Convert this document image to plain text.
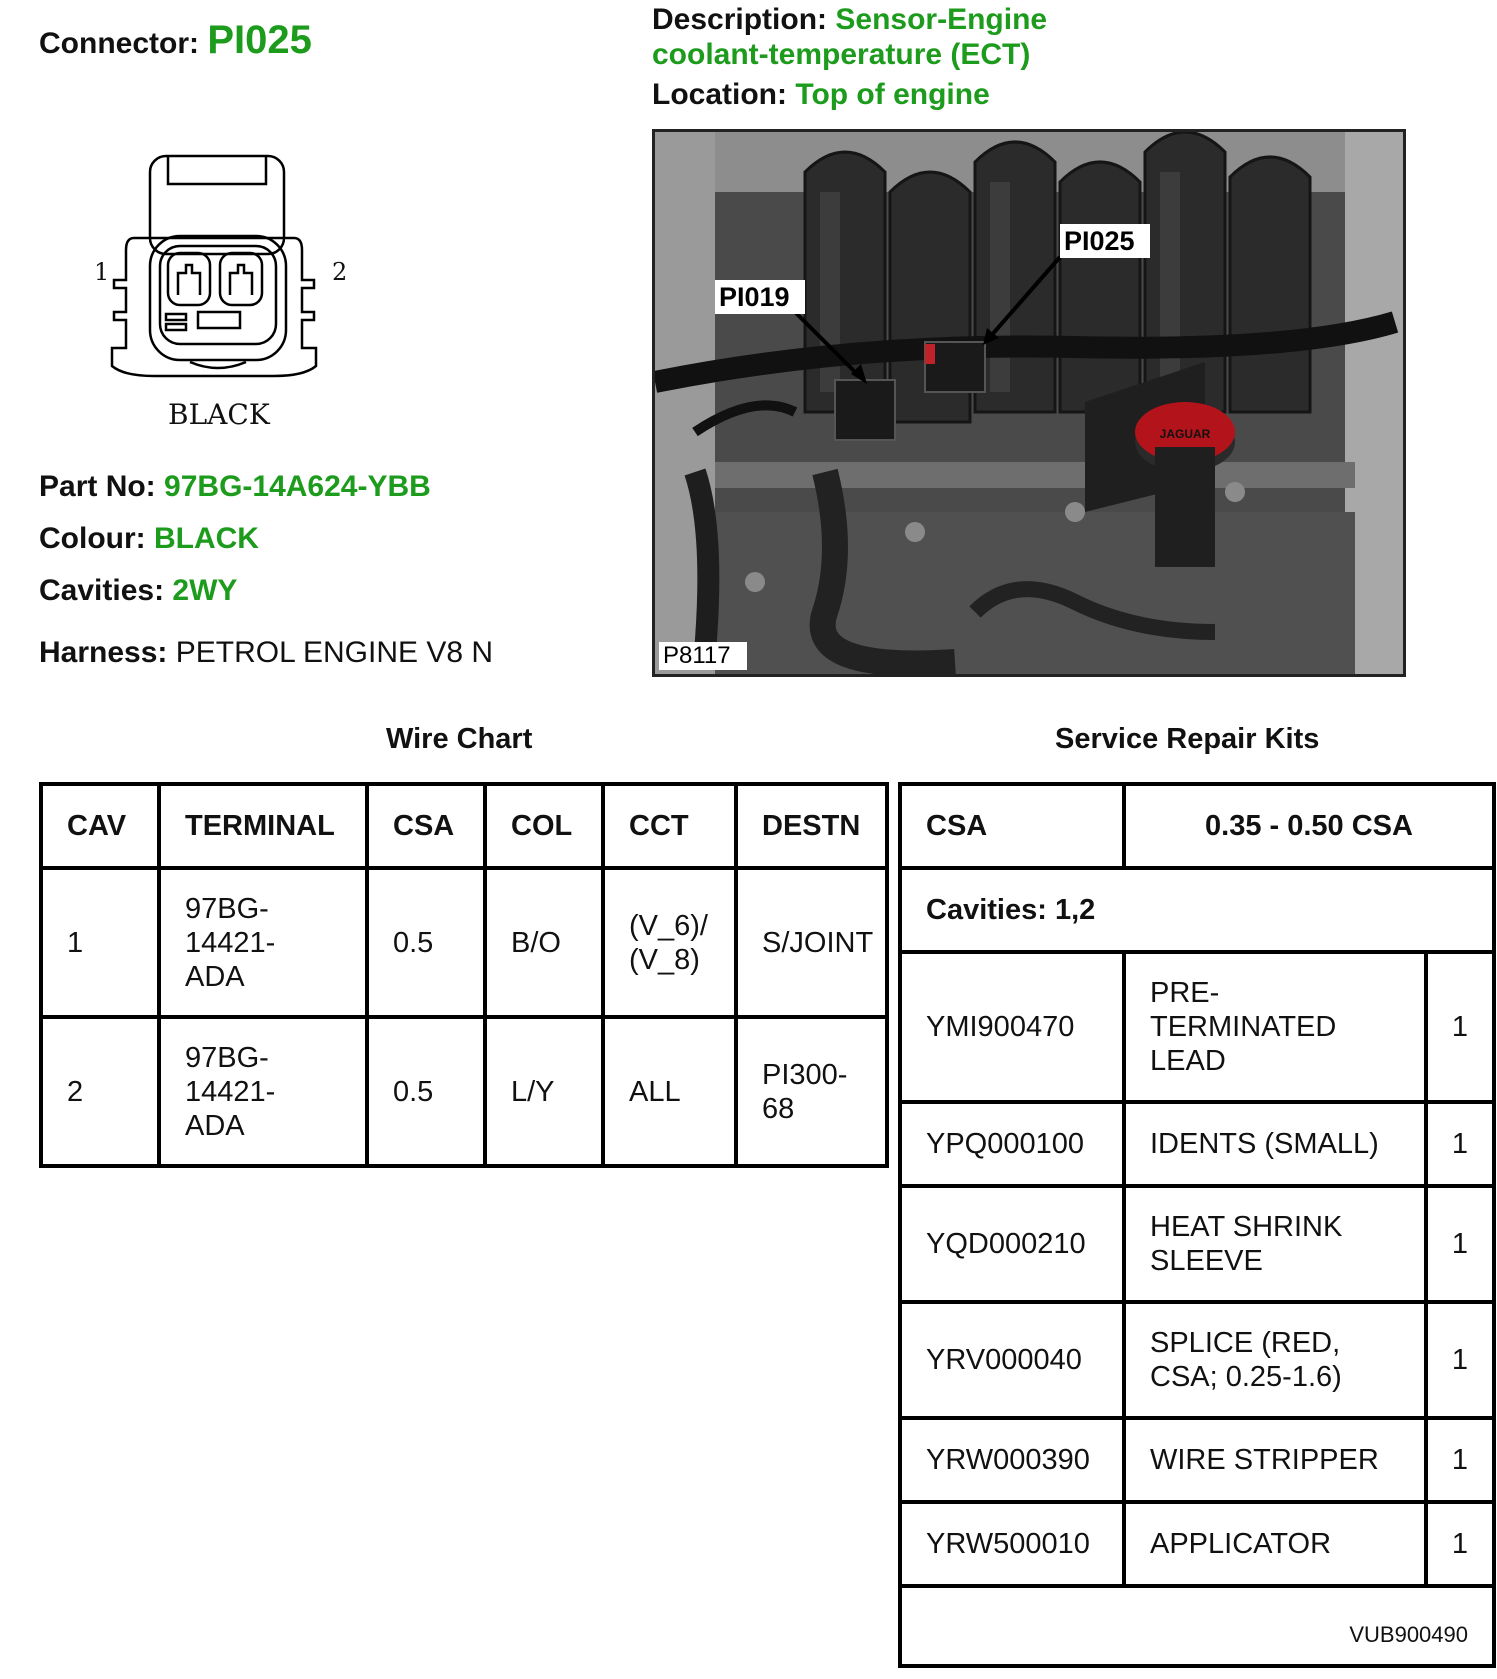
Connector: PI025	Description: Sensor-Engine
coolant-temperature (ECT)
Location: Top of engine
1	2
BLACK
Part No: 97BG-14A624-YBB
Colour: BLACK
Cavities: 2WY
Harness: PETROL ENGINE V8 N
JAGUAR
PI019
PI025
P8117
Wire Chart	Service Repair Kits
CAV	TERMINAL	CSA	COL	CCT	DESTN
1	97BG-
14421-
ADA	0.5	B/O	(V_6)/
(V_8)	S/JOINT
2	97BG-
14421-
ADA	0.5	L/Y	ALL	PI300-
68
CSA	0.35 - 0.50 CSA	
Cavities: 1,2		
YMI900470	PRE-
TERMINATED
LEAD	1
YPQ000100	IDENTS (SMALL)	1
YQD000210	HEAT SHRINK
SLEEVE	1
YRV000040	SPLICE (RED,
CSA; 0.25-1.6)	1
YRW000390	WIRE STRIPPER	1
YRW500010	APPLICATOR	1
VUB900490		
